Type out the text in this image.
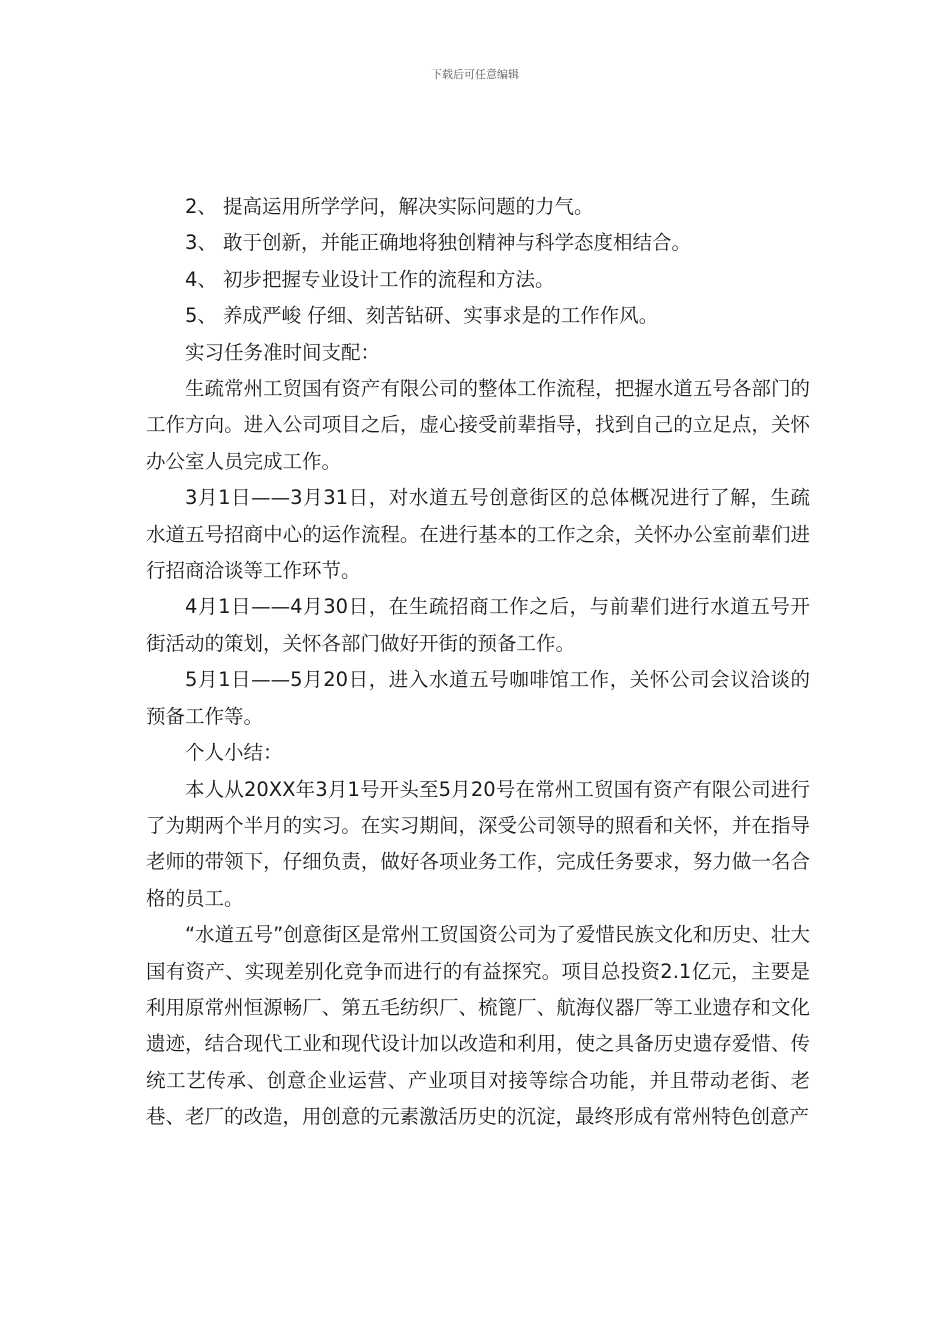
下载后可任意编辑

2、 提高运用所学学问，解决实际问题的力气。

3、 敢于创新，并能正确地将独创精神与科学态度相结合。

4、 初步把握专业设计工作的流程和方法。

5、 养成严峻 仔细、刻苦钻研、实事求是的工作作风。

实习任务准时间支配：

生疏常州工贸国有资产有限公司的整体工作流程，把握水道五号各部门的工作方向。进入公司项目之后，虚心接受前辈指导，找到自己的立足点，关怀办公室人员完成工作。

3月1日——3月31日，对水道五号创意街区的总体概况进行了解，生疏水道五号招商中心的运作流程。在进行基本的工作之余，关怀办公室前辈们进行招商洽谈等工作环节。

4月1日——4月30日，在生疏招商工作之后，与前辈们进行水道五号开街活动的策划，关怀各部门做好开街的预备工作。

5月1日——5月20日，进入水道五号咖啡馆工作，关怀公司会议洽谈的预备工作等。

个人小结：

本人从20XX年3月1号开头至5月20号在常州工贸国有资产有限公司进行了为期两个半月的实习。在实习期间，深受公司领导的照看和关怀，并在指导老师的带领下，仔细负责，做好各项业务工作，完成任务要求，努力做一名合格的员工。

“水道五号”创意街区是常州工贸国资公司为了爱惜民族文化和历史、壮大国有资产、实现差别化竞争而进行的有益探究。项目总投资2.1亿元，主要是利用原常州恒源畅厂、第五毛纺织厂、梳篦厂、航海仪器厂等工业遗存和文化遗迹，结合现代工业和现代设计加以改造和利用，使之具备历史遗存爱惜、传统工艺传承、创意企业运营、产业项目对接等综合功能，并且带动老街、老巷、老厂的改造，用创意的元素激活历史的沉淀，最终形成有常州特色创意产
